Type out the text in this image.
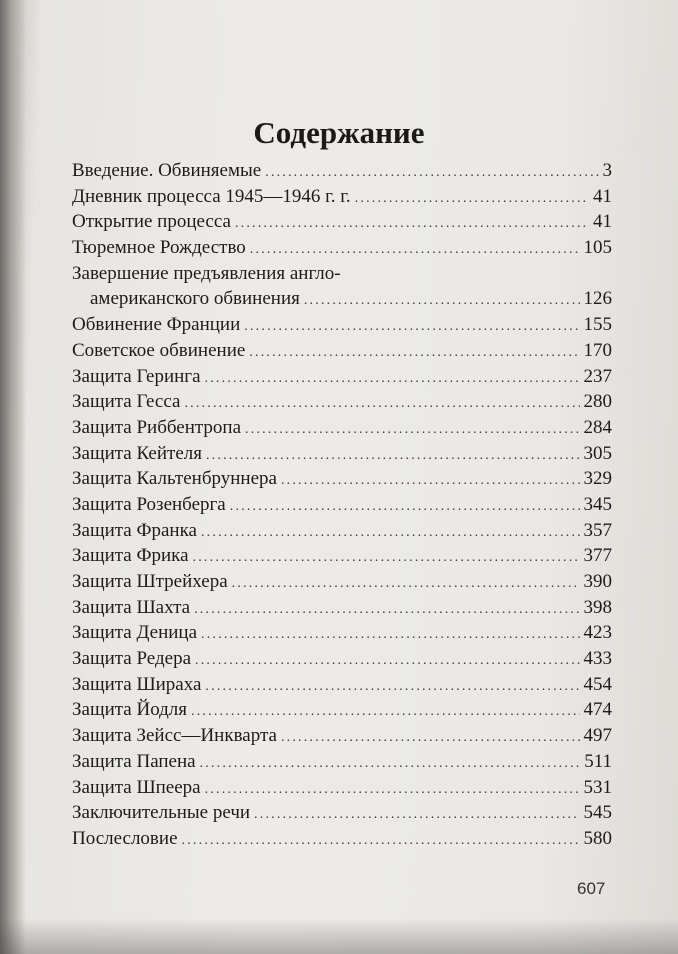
Содержание
Введение. Обвиняемые .....	3
Дневник процесса 1945—1946 г. г. .....	41
Открытие процесса .....	41
Тюремное Рождество .....	105
Завершение предъявления англо-
американского обвинения .....	126
Обвинение Франции .....	155
Советское обвинение .....	170
Защита Геринга .....	237
Защита Гесса .....	280
Защита Риббентропа .....	284
Защита Кейтеля .....	305
Защита Кальтенбруннера .....	329
Защита Розенберга .....	345
Защита Франка .....	357
Защита Фрика .....	377
Защита Штрейхера .....	390
Защита Шахта .....	398
Защита Деница .....	423
Защита Редера .....	433
Защита Шираха .....	454
Защита Йодля .....	474
Защита Зейсс—Инкварта .....	497
Защита Папена .....	511
Защита Шпеера .....	531
Заключительные речи .....	545
Послесловие .....	580
607
